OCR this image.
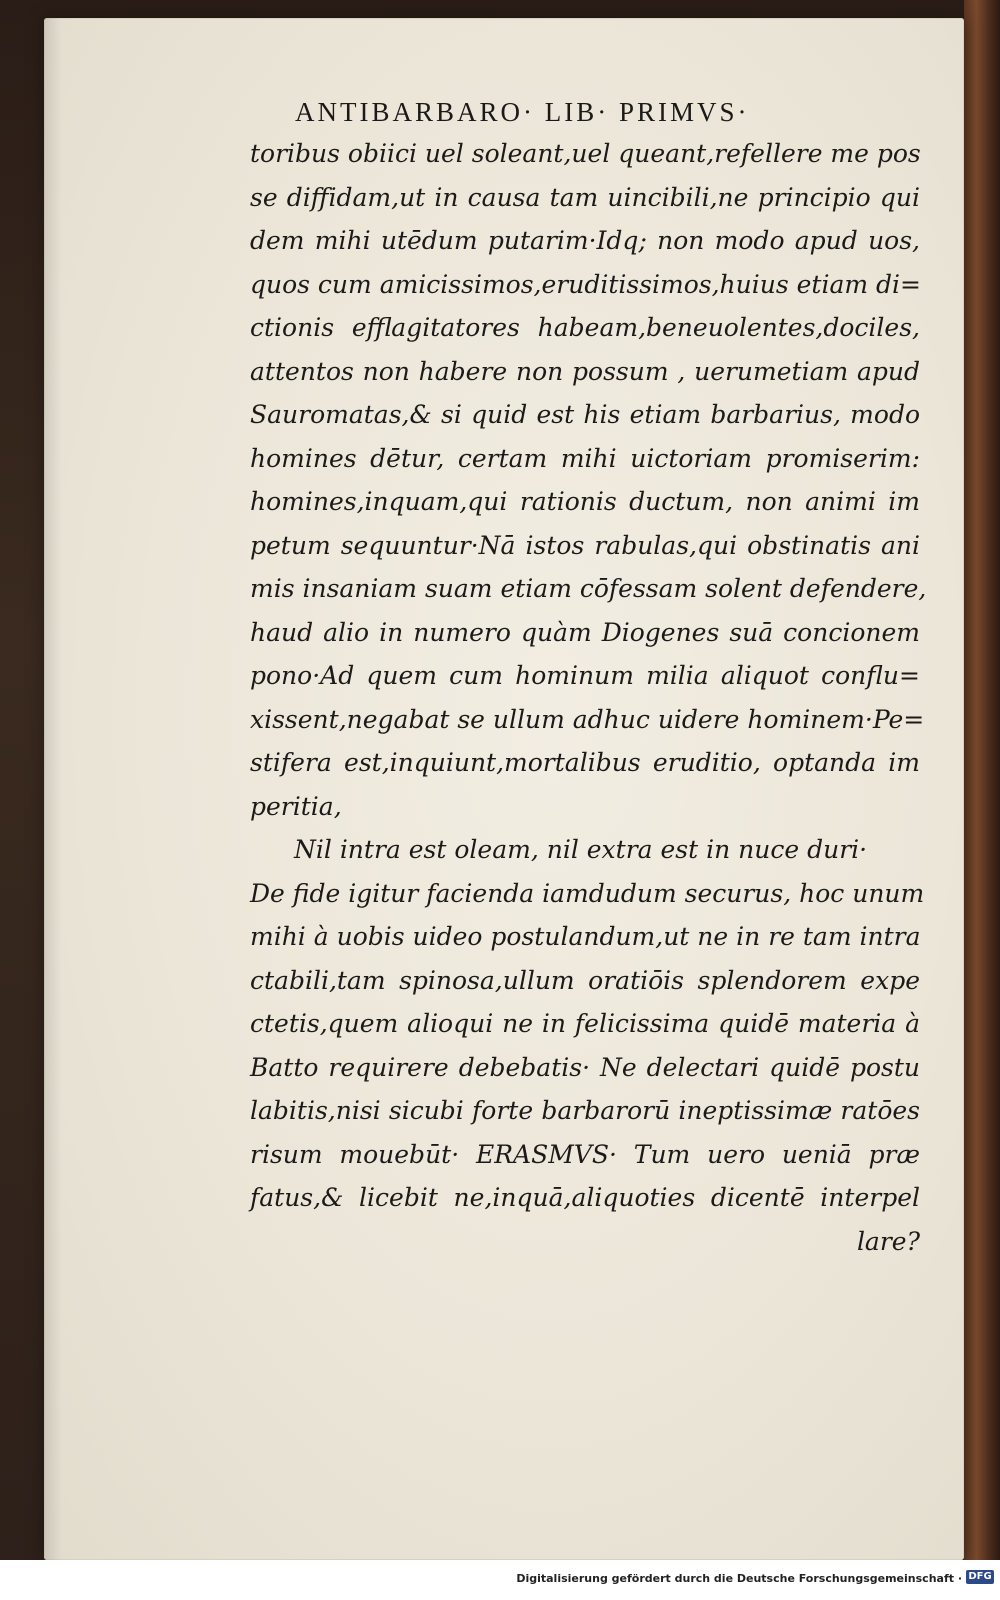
ANTIBARBARO· LIB· PRIMVS·
toribus obiici uel soleant,uel queant,refellere me pos
se diffidam,ut in causa tam uincibili,ne principio qui
dem mihi utēdum putarim·Idq; non modo apud uos,
quos cum amicissimos,eruditissimos,huius etiam di=
ctionis efflagitatores habeam,beneuolentes,dociles,
attentos non habere non possum , uerumetiam apud
Sauromatas,& si quid est his etiam barbarius, modo
homines dētur, certam mihi uictoriam promiserim:
homines,inquam,qui rationis ductum, non animi im
petum sequuntur·Nā istos rabulas,qui obstinatis ani
mis insaniam suam etiam cōfessam solent defendere,
haud alio in numero quàm Diogenes suā concionem
pono·Ad quem cum hominum milia aliquot conflu=
xissent,negabat se ullum adhuc uidere hominem·Pe=
stifera est,inquiunt,mortalibus eruditio, optanda im
peritia,
Nil intra est oleam, nil extra est in nuce duri·
De fide igitur facienda iamdudum securus, hoc unum
mihi à uobis uideo postulandum,ut ne in re tam intra
ctabili,tam spinosa,ullum oratiōis splendorem expe
ctetis,quem alioqui ne in felicissima quidē materia à
Batto requirere debebatis· Ne delectari quidē postu
labitis,nisi sicubi forte barbarorū ineptissimæ ratōes
risum mouebūt· ERASMVS· Tum uero ueniā præ
fatus,& licebit ne,inquā,aliquoties dicentē interpel
lare?
Digitalisierung gefördert durch die Deutsche Forschungsgemeinschaft · DFG
